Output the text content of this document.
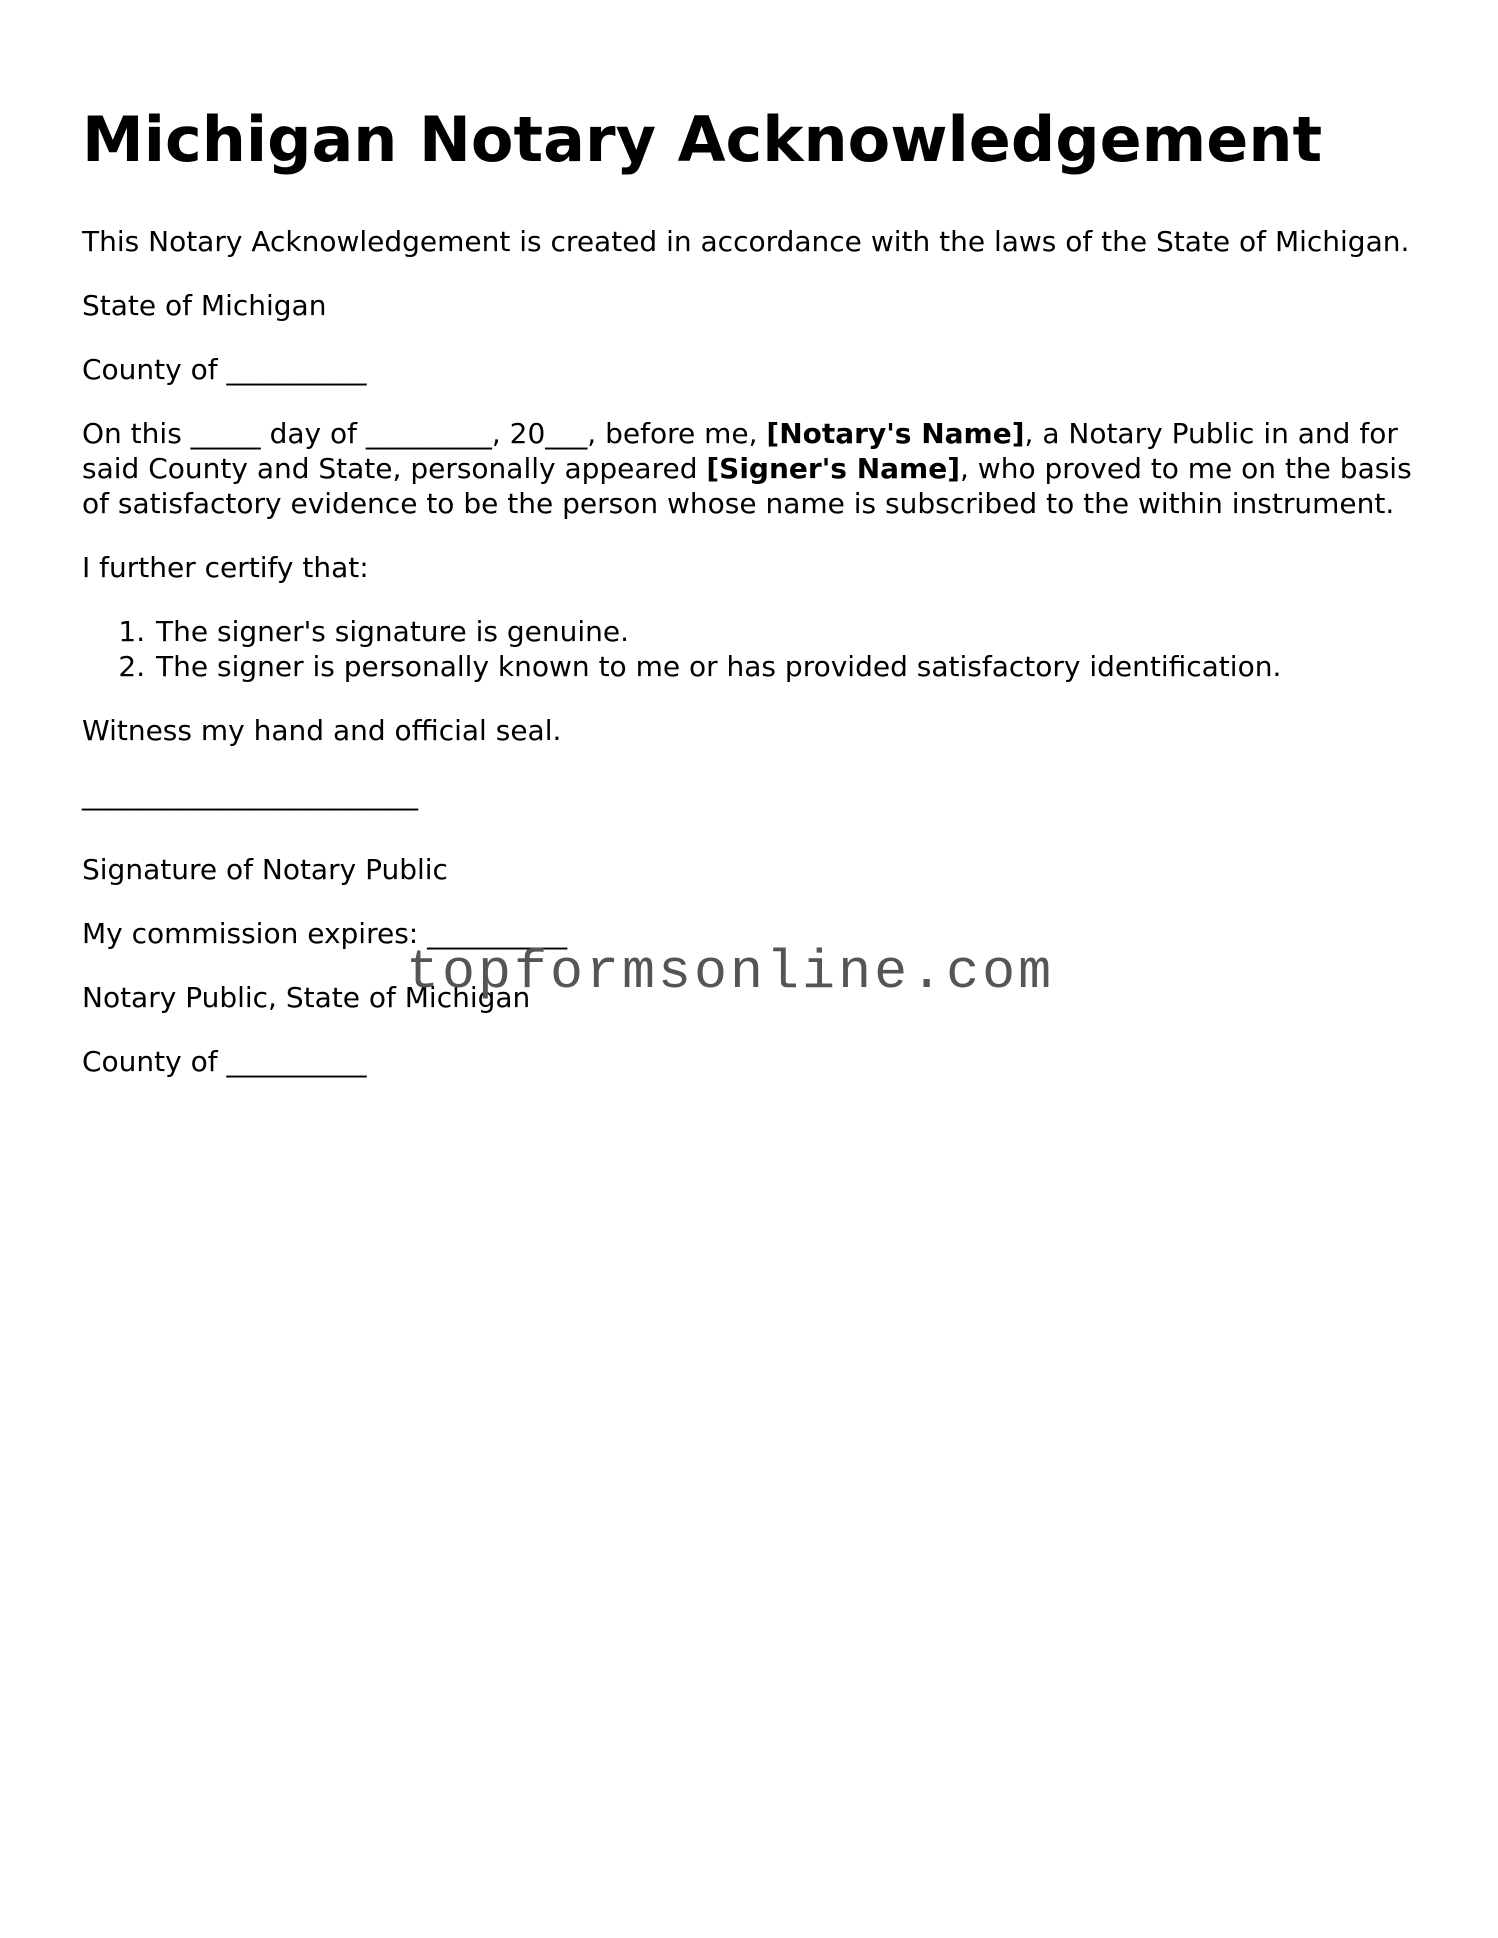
Michigan Notary Acknowledgement

This Notary Acknowledgement is created in accordance with the laws of the State of Michigan.

State of Michigan

County of __________

On this _____ day of _________, 20___, before me, [Notary's Name], a Notary Public in and for said County and State, personally appeared [Signer's Name], who proved to me on the basis of satisfactory evidence to be the person whose name is subscribed to the within instrument.

I further certify that:

1. The signer's signature is genuine.
2. The signer is personally known to me or has provided satisfactory identification.

Witness my hand and official seal.

________________________

Signature of Notary Public

My commission expires: __________

Notary Public, State of Michigan

County of __________

topformsonline.com
